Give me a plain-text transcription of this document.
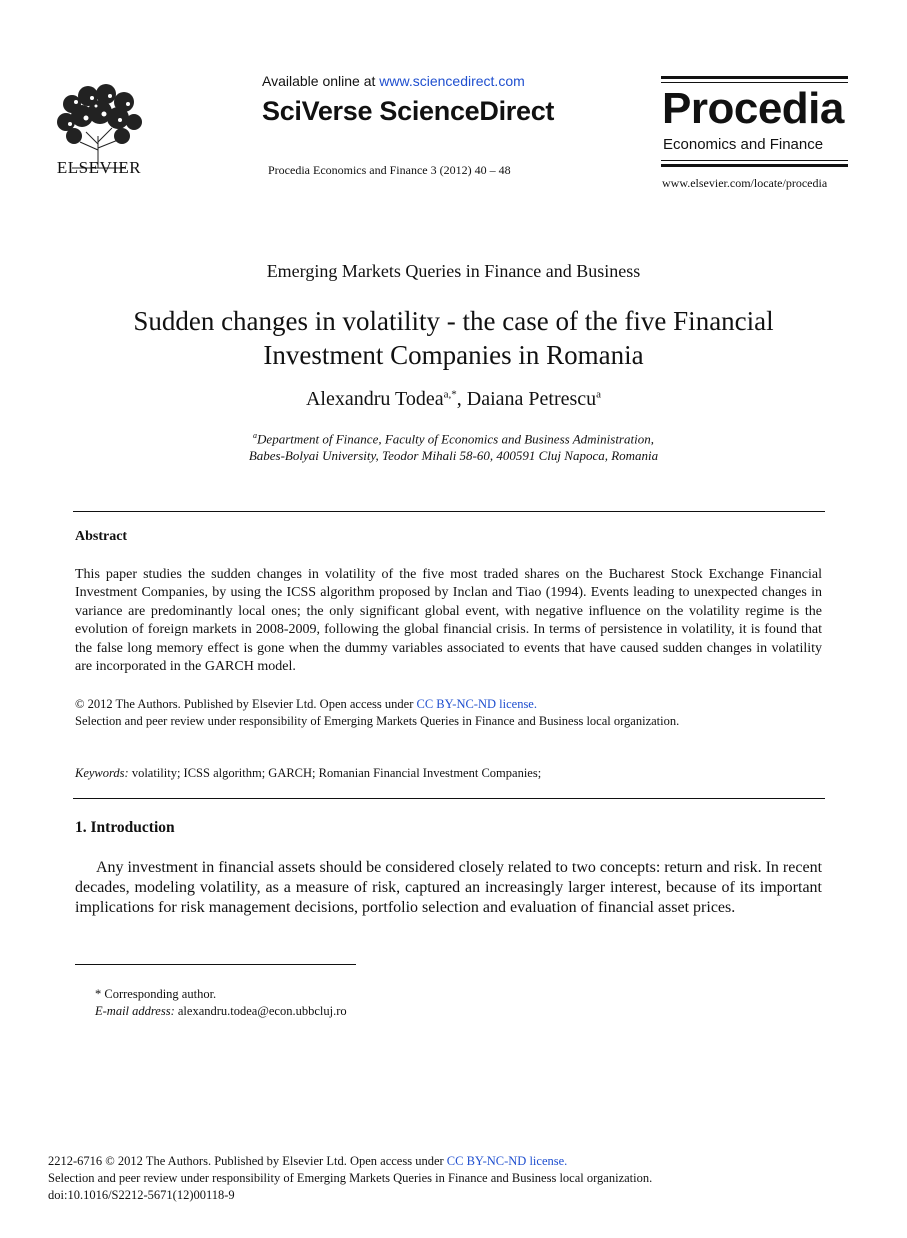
ELSEVIER
Available online at www.sciencedirect.com
SciVerse ScienceDirect
Procedia Economics and Finance 3 (2012) 40 – 48
Procedia
Economics and Finance
www.elsevier.com/locate/procedia
Emerging Markets Queries in Finance and Business
Sudden changes in volatility - the case of the five Financial
Investment Companies in Romania
Alexandru Todea$^{a,*}$, Daiana Petrescu$^a$
$^a$Department of Finance, Faculty of Economics and Business Administration,
Babes-Bolyai University, Teodor Mihali 58-60, 400591 Cluj Napoca, Romania
Abstract
This paper studies the sudden changes in volatility of the five most traded shares on the Bucharest Stock Exchange Financial Investment Companies, by using the ICSS algorithm proposed by Inclan and Tiao (1994). Events leading to unexpected changes in variance are predominantly local ones; the only significant global event, with negative influence on the volatility regime is the evolution of foreign markets in 2008-2009, following the global financial crisis. In terms of persistence in volatility, it is found that the false long memory effect is gone when the dummy variables associated to events that have caused sudden changes in volatility are incorporated in the GARCH model.
© 2012 The Authors. Published by Elsevier Ltd. Open access under CC BY-NC-ND license.
Selection and peer review under responsibility of Emerging Markets Queries in Finance and Business local organization.
Keywords: volatility; ICSS algorithm; GARCH; Romanian Financial Investment Companies;
1. Introduction
Any investment in financial assets should be considered closely related to two concepts: return and risk. In recent decades, modeling volatility, as a measure of risk, captured an increasingly larger interest, because of its important implications for risk management decisions, portfolio selection and evaluation of financial asset prices.
* Corresponding author.
E-mail address: alexandru.todea@econ.ubbcluj.ro
2212-6716 © 2012 The Authors. Published by Elsevier Ltd. Open access under CC BY-NC-ND license.
Selection and peer review under responsibility of Emerging Markets Queries in Finance and Business local organization.
doi:10.1016/S2212-5671(12)00118-9
